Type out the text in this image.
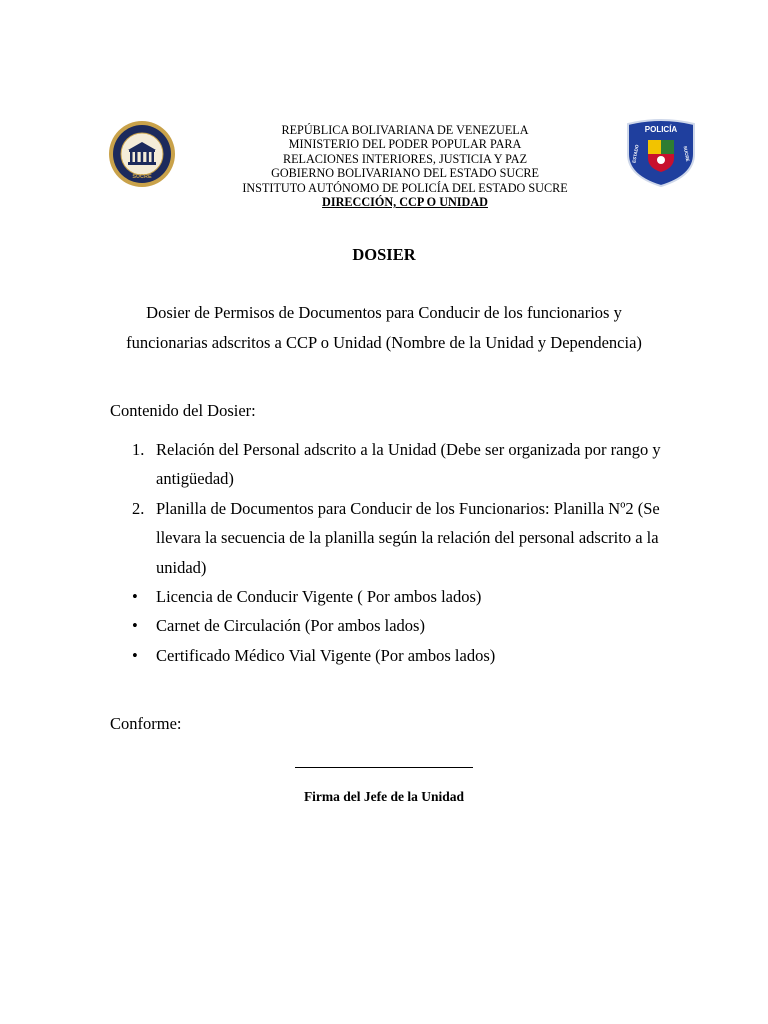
SUCRE
POLICÍA
ESTADO	SUCRE
REPÚBLICA BOLIVARIANA DE VENEZUELA
MINISTERIO DEL PODER POPULAR PARA
RELACIONES INTERIORES, JUSTICIA Y PAZ
GOBIERNO BOLIVARIANO DEL ESTADO SUCRE
INSTITUTO AUTÓNOMO DE POLICÍA DEL ESTADO SUCRE
DIRECCIÓN, CCP O UNIDAD
DOSIER
Dosier de Permisos de Documentos para Conducir de los funcionarios y funcionarias adscritos a CCP o Unidad (Nombre de la Unidad y Dependencia)
Contenido del Dosier:
1. Relación del Personal adscrito a la Unidad (Debe ser organizada por rango y antigüedad)
2. Planilla de Documentos para Conducir de los Funcionarios: Planilla Nº2 (Se llevara la secuencia de la planilla según la relación del personal adscrito a la unidad)
• Licencia de Conducir Vigente ( Por ambos lados)
• Carnet de Circulación (Por ambos lados)
• Certificado Médico Vial Vigente (Por ambos lados)
Conforme:
Firma del Jefe de la Unidad
